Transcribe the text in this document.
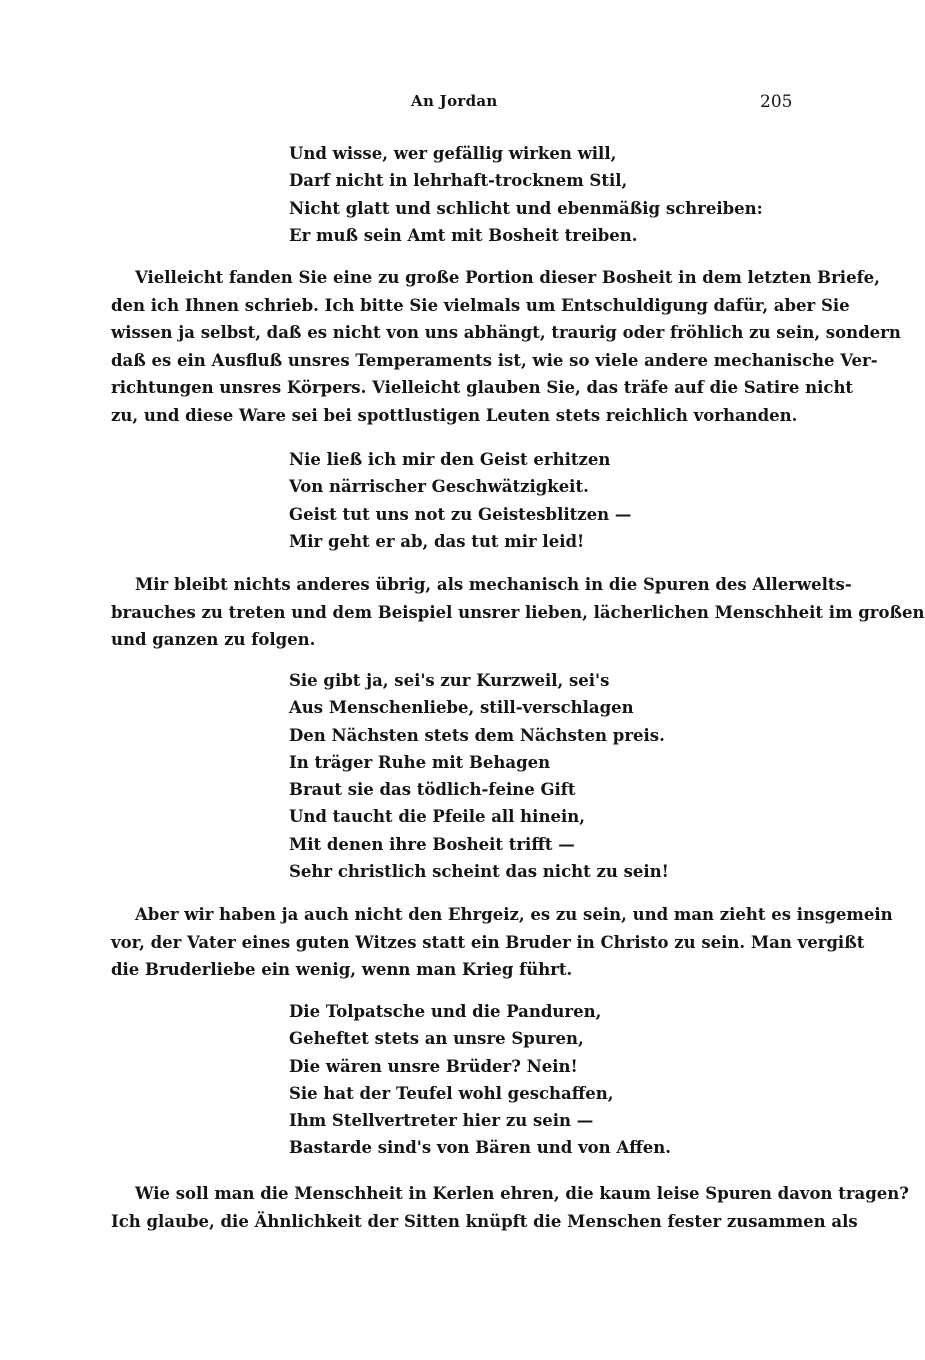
An Jordan	205
Und wisse, wer gefällig wirken will,
Darf nicht in lehrhaft-trocknem Stil,
Nicht glatt und schlicht und ebenmäßig schreiben:
Er muß sein Amt mit Bosheit treiben.
Vielleicht fanden Sie eine zu große Portion dieser Bosheit in dem letzten Briefe,
den ich Ihnen schrieb. Ich bitte Sie vielmals um Entschuldigung dafür, aber Sie
wissen ja selbst, daß es nicht von uns abhängt, traurig oder fröhlich zu sein, sondern
daß es ein Ausfluß unsres Temperaments ist, wie so viele andere mechanische Ver-
richtungen unsres Körpers. Vielleicht glauben Sie, das träfe auf die Satire nicht
zu, und diese Ware sei bei spottlustigen Leuten stets reichlich vorhanden.
Nie ließ ich mir den Geist erhitzen
Von närrischer Geschwätzigkeit.
Geist tut uns not zu Geistesblitzen —
Mir geht er ab, das tut mir leid!
Mir bleibt nichts anderes übrig, als mechanisch in die Spuren des Allerwelts-
brauches zu treten und dem Beispiel unsrer lieben, lächerlichen Menschheit im großen
und ganzen zu folgen.
Sie gibt ja, sei's zur Kurzweil, sei's
Aus Menschenliebe, still-verschlagen
Den Nächsten stets dem Nächsten preis.
In träger Ruhe mit Behagen
Braut sie das tödlich-feine Gift
Und taucht die Pfeile all hinein,
Mit denen ihre Bosheit trifft —
Sehr christlich scheint das nicht zu sein!
Aber wir haben ja auch nicht den Ehrgeiz, es zu sein, und man zieht es insgemein
vor, der Vater eines guten Witzes statt ein Bruder in Christo zu sein. Man vergißt
die Bruderliebe ein wenig, wenn man Krieg führt.
Die Tolpatsche und die Panduren,
Geheftet stets an unsre Spuren,
Die wären unsre Brüder? Nein!
Sie hat der Teufel wohl geschaffen,
Ihm Stellvertreter hier zu sein —
Bastarde sind's von Bären und von Affen.
Wie soll man die Menschheit in Kerlen ehren, die kaum leise Spuren davon tragen?
Ich glaube, die Ähnlichkeit der Sitten knüpft die Menschen fester zusammen als
